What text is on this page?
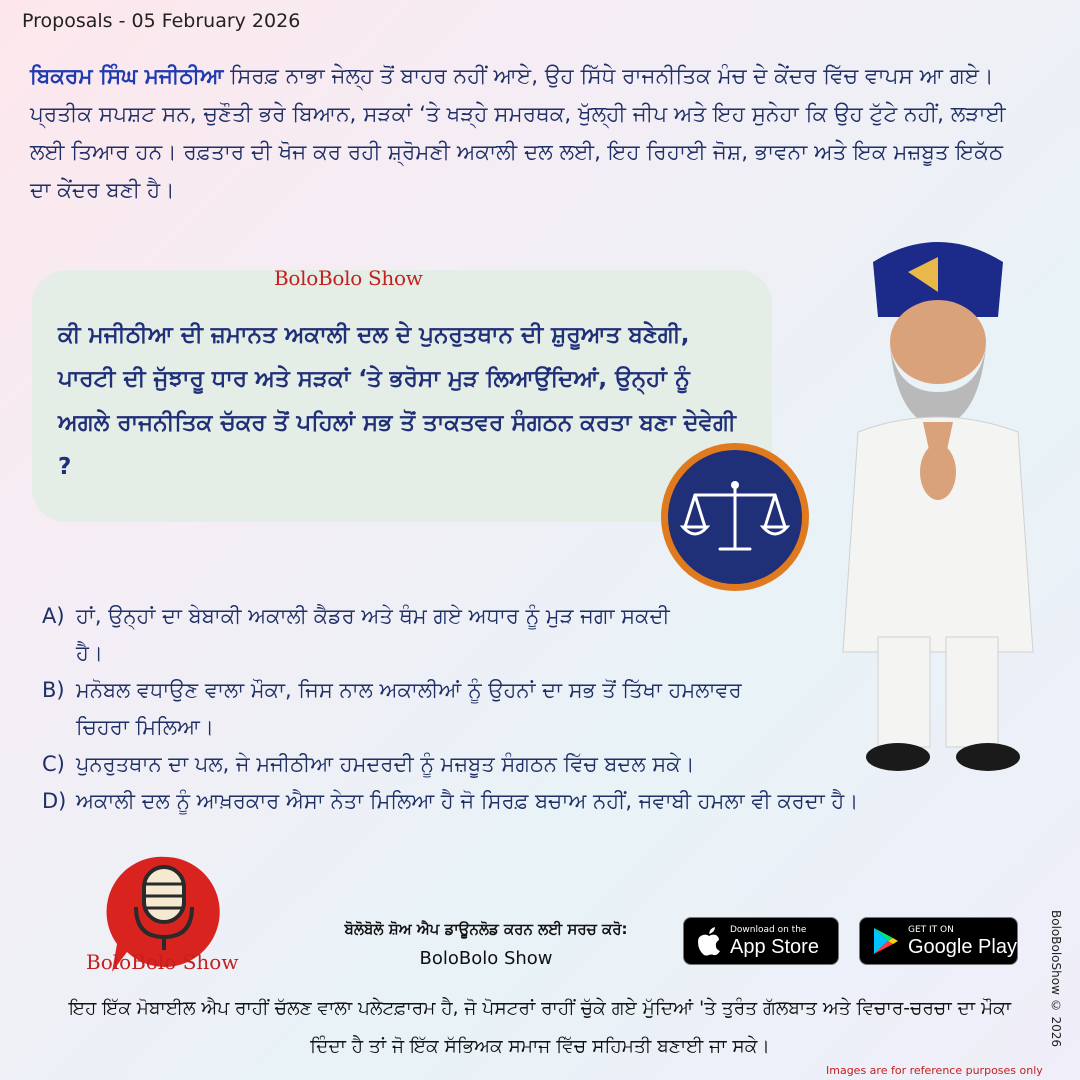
Proposals - 05 February 2026
ਬਿਕਰਮ ਸਿੰਘ ਮਜੀਠੀਆ ਸਿਰਫ਼ ਨਾਭਾ ਜੇਲ੍ਹ ਤੋਂ ਬਾਹਰ ਨਹੀਂ ਆਏ, ਉਹ ਸਿੱਧੇ ਰਾਜਨੀਤਿਕ ਮੰਚ ਦੇ ਕੇਂਦਰ ਵਿੱਚ ਵਾਪਸ ਆ ਗਏ। ਪ੍ਰਤੀਕ ਸਪਸ਼ਟ ਸਨ, ਚੁਣੌਤੀ ਭਰੇ ਬਿਆਨ, ਸੜਕਾਂ ‘ਤੇ ਖੜ੍ਹੇ ਸਮਰਥਕ, ਖੁੱਲ੍ਹੀ ਜੀਪ ਅਤੇ ਇਹ ਸੁਨੇਹਾ ਕਿ ਉਹ ਟੁੱਟੇ ਨਹੀਂ, ਲੜਾਈ ਲਈ ਤਿਆਰ ਹਨ। ਰਫ਼ਤਾਰ ਦੀ ਖੋਜ ਕਰ ਰਹੀ ਸ਼੍ਰੋਮਣੀ ਅਕਾਲੀ ਦਲ ਲਈ, ਇਹ ਰਿਹਾਈ ਜੋਸ਼, ਭਾਵਨਾ ਅਤੇ ਇਕ ਮਜ਼ਬੂਤ ਇਕੱਠ ਦਾ ਕੇਂਦਰ ਬਣੀ ਹੈ।
BoloBolo Show
ਕੀ ਮਜੀਠੀਆ ਦੀ ਜ਼ਮਾਨਤ ਅਕਾਲੀ ਦਲ ਦੇ ਪੁਨਰੁਤਥਾਨ ਦੀ ਸ਼ੁਰੂਆਤ ਬਣੇਗੀ, ਪਾਰਟੀ ਦੀ ਜੁੱਝਾਰੂ ਧਾਰ ਅਤੇ ਸੜਕਾਂ ‘ਤੇ ਭਰੋਸਾ ਮੁੜ ਲਿਆਉਂਦਿਆਂ, ਉਨ੍ਹਾਂ ਨੂੰ ਅਗਲੇ ਰਾਜਨੀਤਿਕ ਚੱਕਰ ਤੋਂ ਪਹਿਲਾਂ ਸਭ ਤੋਂ ਤਾਕਤਵਰ ਸੰਗਠਨ ਕਰਤਾ ਬਣਾ ਦੇਵੇਗੀ ?
A) ਹਾਂ, ਉਨ੍ਹਾਂ ਦਾ ਬੇਬਾਕੀ ਅਕਾਲੀ ਕੈਡਰ ਅਤੇ ਥੰਮ ਗਏ ਅਧਾਰ ਨੂੰ ਮੁੜ ਜਗਾ ਸਕਦੀ ਹੈ।
B) ਮਨੋਬਲ ਵਧਾਉਣ ਵਾਲਾ ਮੌਕਾ, ਜਿਸ ਨਾਲ ਅਕਾਲੀਆਂ ਨੂੰ ਉਹਨਾਂ ਦਾ ਸਭ ਤੋਂ ਤਿੱਖਾ ਹਮਲਾਵਰ ਚਿਹਰਾ ਮਿਲਿਆ।
C) ਪੁਨਰੁਤਥਾਨ ਦਾ ਪਲ, ਜੇ ਮਜੀਠੀਆ ਹਮਦਰਦੀ ਨੂੰ ਮਜ਼ਬੂਤ ਸੰਗਠਨ ਵਿੱਚ ਬਦਲ ਸਕੇ।
D) ਅਕਾਲੀ ਦਲ ਨੂੰ ਆਖ਼ਰਕਾਰ ਐਸਾ ਨੇਤਾ ਮਿਲਿਆ ਹੈ ਜੋ ਸਿਰਫ਼ ਬਚਾਅ ਨਹੀਂ, ਜਵਾਬੀ ਹਮਲਾ ਵੀ ਕਰਦਾ ਹੈ।
BoloBolo Show
ਬੋਲੋਬੋਲੋ ਸ਼ੋਅ ਐਪ ਡਾਊਨਲੋਡ ਕਰਨ ਲਈ ਸਰਚ ਕਰੋ:
BoloBolo Show
Download on the
App Store
GET IT ON
Google Play
ਇਹ ਇੱਕ ਮੋਬਾਈਲ ਐਪ ਰਾਹੀਂ ਚੱਲਣ ਵਾਲਾ ਪਲੇਟਫ਼ਾਰਮ ਹੈ, ਜੋ ਪੋਸਟਰਾਂ ਰਾਹੀਂ ਚੁੱਕੇ ਗਏ ਮੁੱਦਿਆਂ 'ਤੇ ਤੁਰੰਤ ਗੱਲਬਾਤ ਅਤੇ ਵਿਚਾਰ-ਚਰਚਾ ਦਾ ਮੌਕਾ ਦਿੰਦਾ ਹੈ ਤਾਂ ਜੋ ਇੱਕ ਸੱਭਿਅਕ ਸਮਾਜ ਵਿੱਚ ਸਹਿਮਤੀ ਬਣਾਈ ਜਾ ਸਕੇ।	BoloBoloShow © 2026
Images are for reference purposes only
